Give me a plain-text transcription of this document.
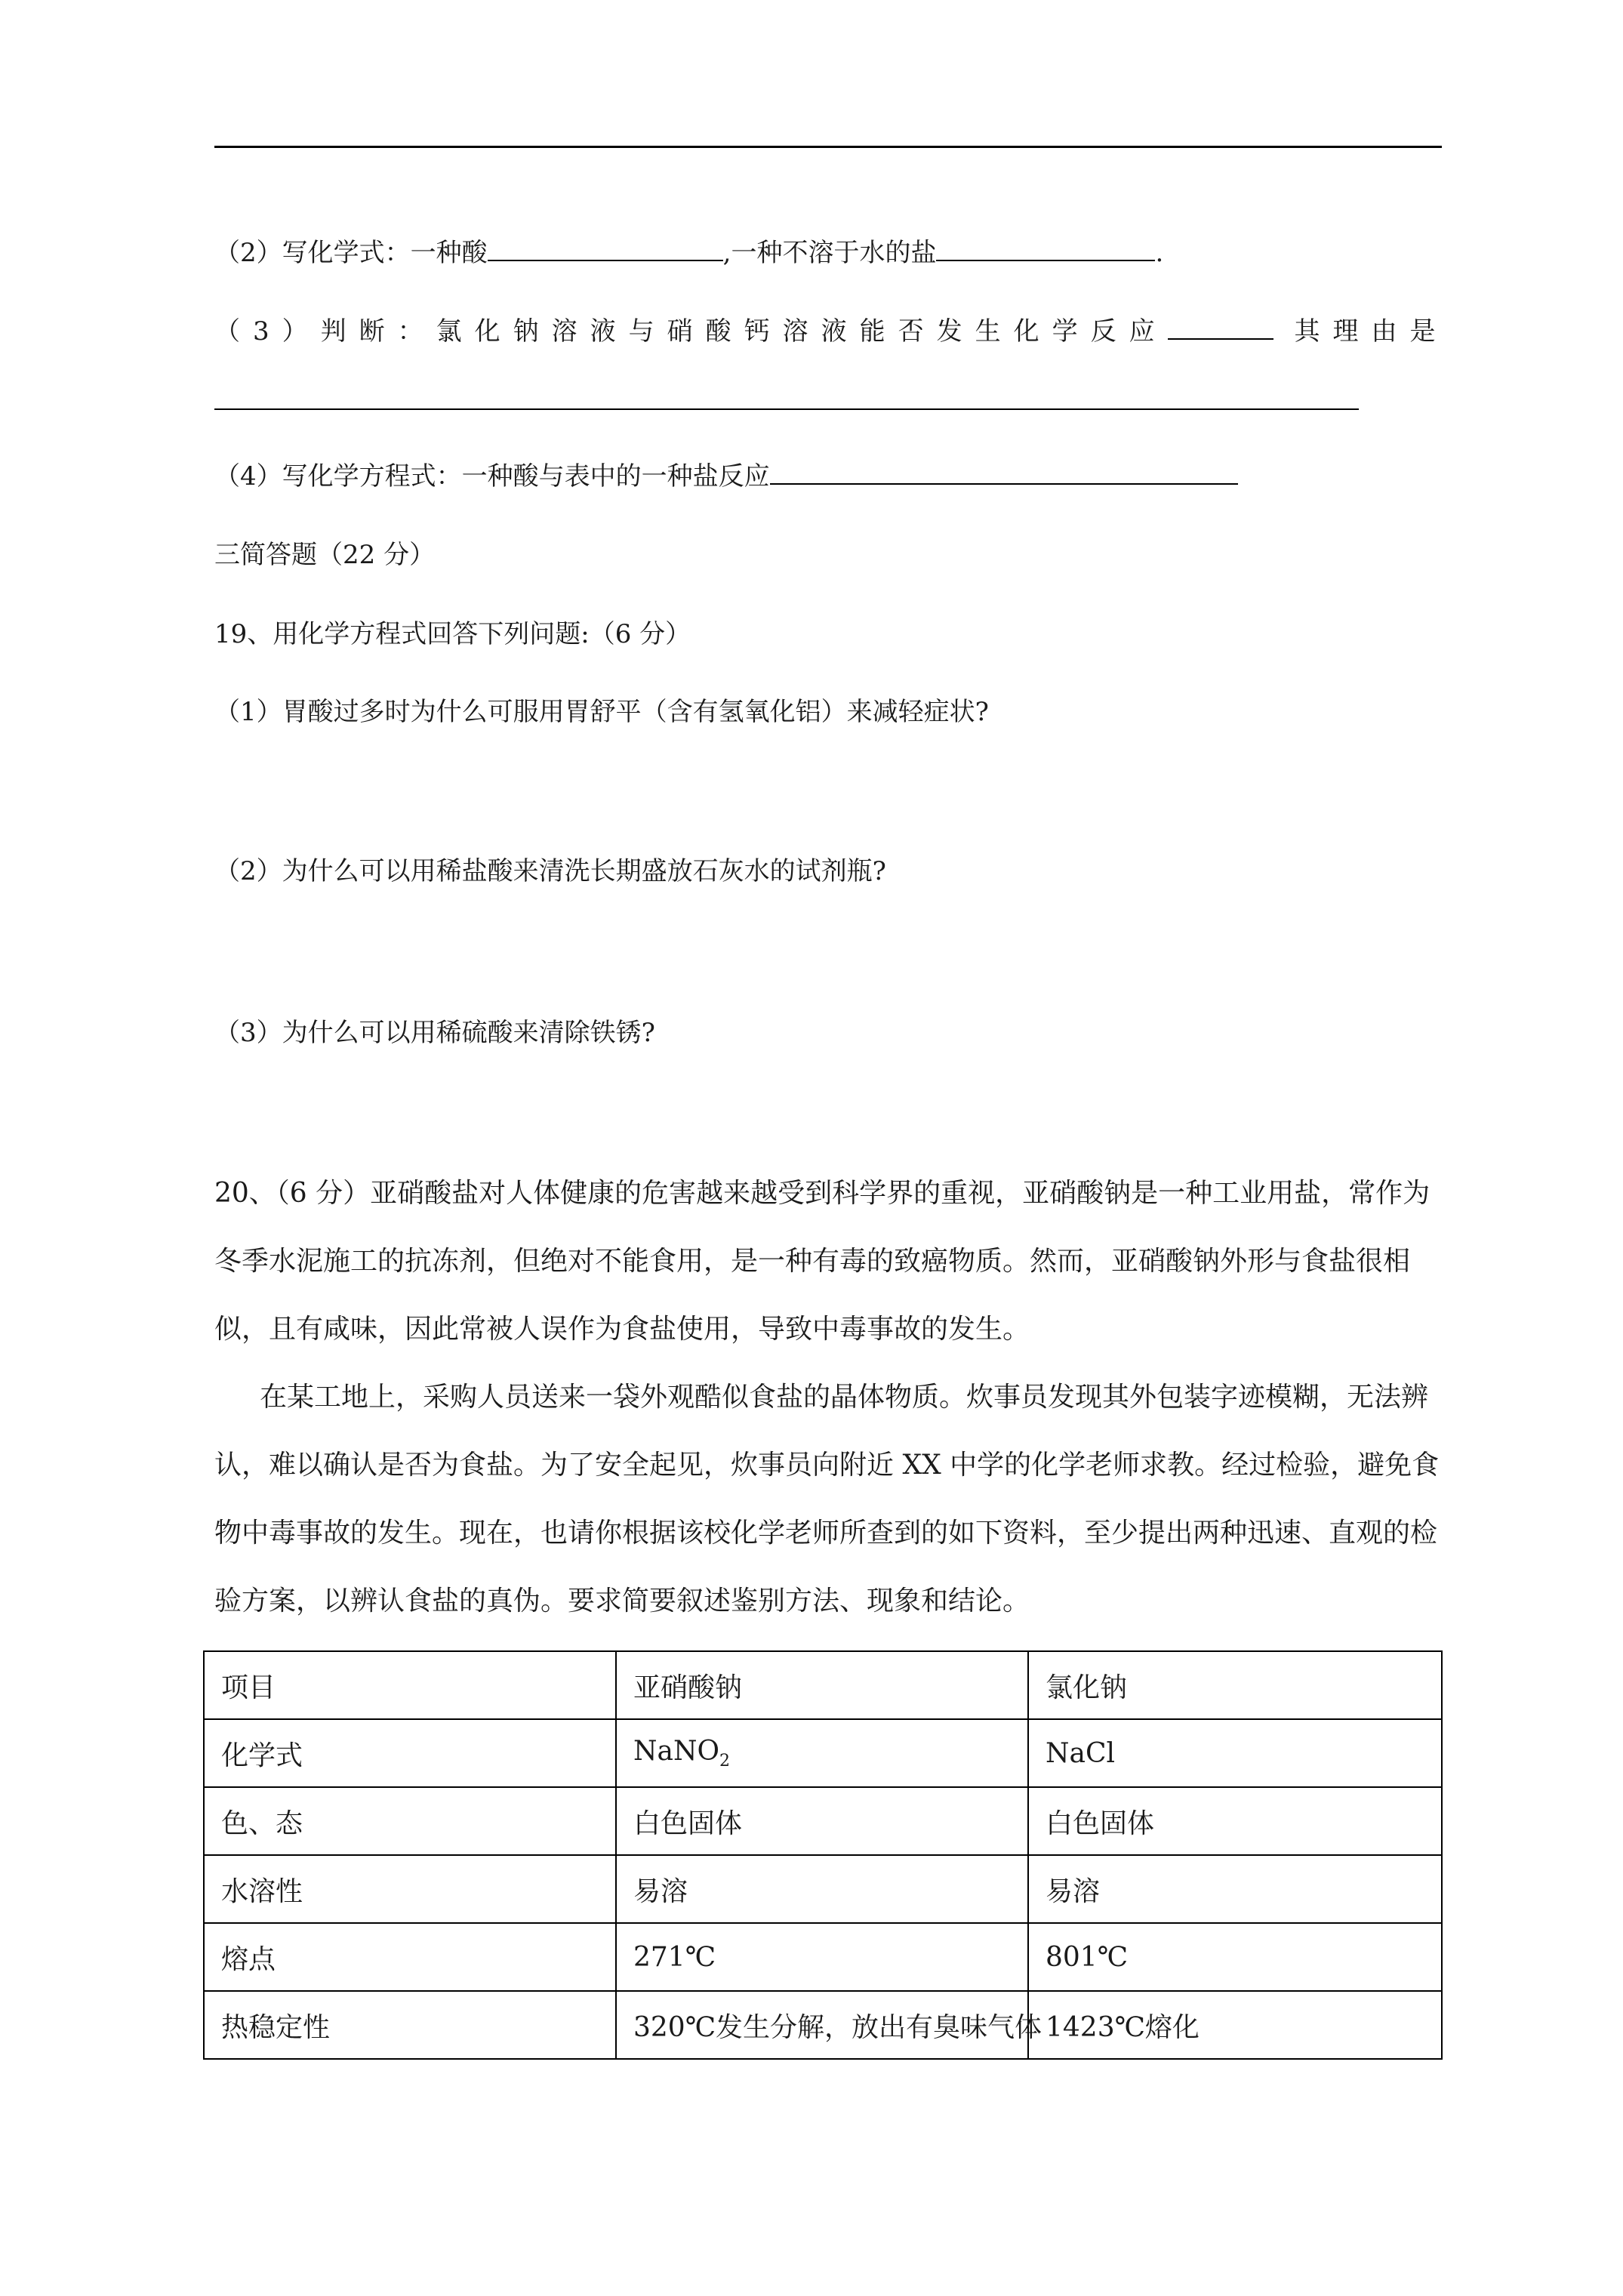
（2）写化学式：一种酸	,一种不溶于水的盐	.
（3）判断：氯化钠溶液与硝酸钙溶液能否发生化学反应	其理由是
（4）写化学方程式：一种酸与表中的一种盐反应
三简答题（22 分）
19、用化学方程式回答下列问题:（6 分）
（1）胃酸过多时为什么可服用胃舒平（含有氢氧化铝）来减轻症状?
（2）为什么可以用稀盐酸来清洗长期盛放石灰水的试剂瓶?
（3）为什么可以用稀硫酸来清除铁锈?

20、（6 分）亚硝酸盐对人体健康的危害越来越受到科学界的重视，亚硝酸钠是一种工业用盐，常作为冬季水泥施工的抗冻剂，但绝对不能食用，是一种有毒的致癌物质。然而，亚硝酸钠外形与食盐很相似，且有咸味，因此常被人误作为食盐使用，导致中毒事故的发生。

在某工地上，采购人员送来一袋外观酷似食盐的晶体物质。炊事员发现其外包装字迹模糊，无法辨认，难以确认是否为食盐。为了安全起见，炊事员向附近 XX 中学的化学老师求教。经过检验，避免食物中毒事故的发生。现在，也请你根据该校化学老师所查到的如下资料，至少提出两种迅速、直观的检验方案，以辨认食盐的真伪。要求简要叙述鉴别方法、现象和结论。

项目	亚硝酸钠	氯化钠
化学式	NaNO$_2$	NaCl
色、态	白色固体	白色固体
水溶性	易溶	易溶
熔点	271℃	801℃
热稳定性	320℃发生分解，放出有臭味气体	1423℃熔化
